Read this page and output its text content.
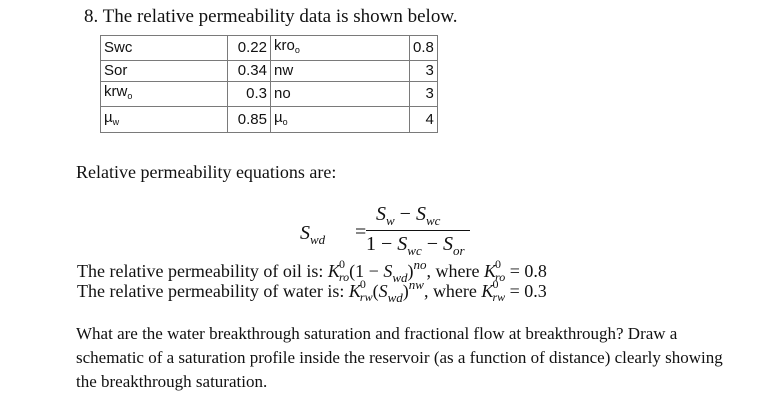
8. The relative permeability data is shown below.
Swc	0.22	kro$_o$	0.8
Sor	0.34	nw	3
krw$_o$	0.3	no	3
µ$_w$	0.85	µ$_o$	4
Relative permeability equations are:
$S_{wd}$ =
$S_w - S_{wc}$
$1 - S_{wc} - S_{or}$
The relative permeability of oil is: $K^0_{ro}(1 - S_{wd})^{no}$, where $K^0_{ro} = 0.8$
The relative permeability of water is: $K^0_{rw}(S_{wd})^{nw}$, where $K^0_{rw} = 0.3$
What are the water breakthrough saturation and fractional flow at breakthrough? Draw a schematic of a saturation profile inside the reservoir (as a function of distance) clearly showing the breakthrough saturation.
